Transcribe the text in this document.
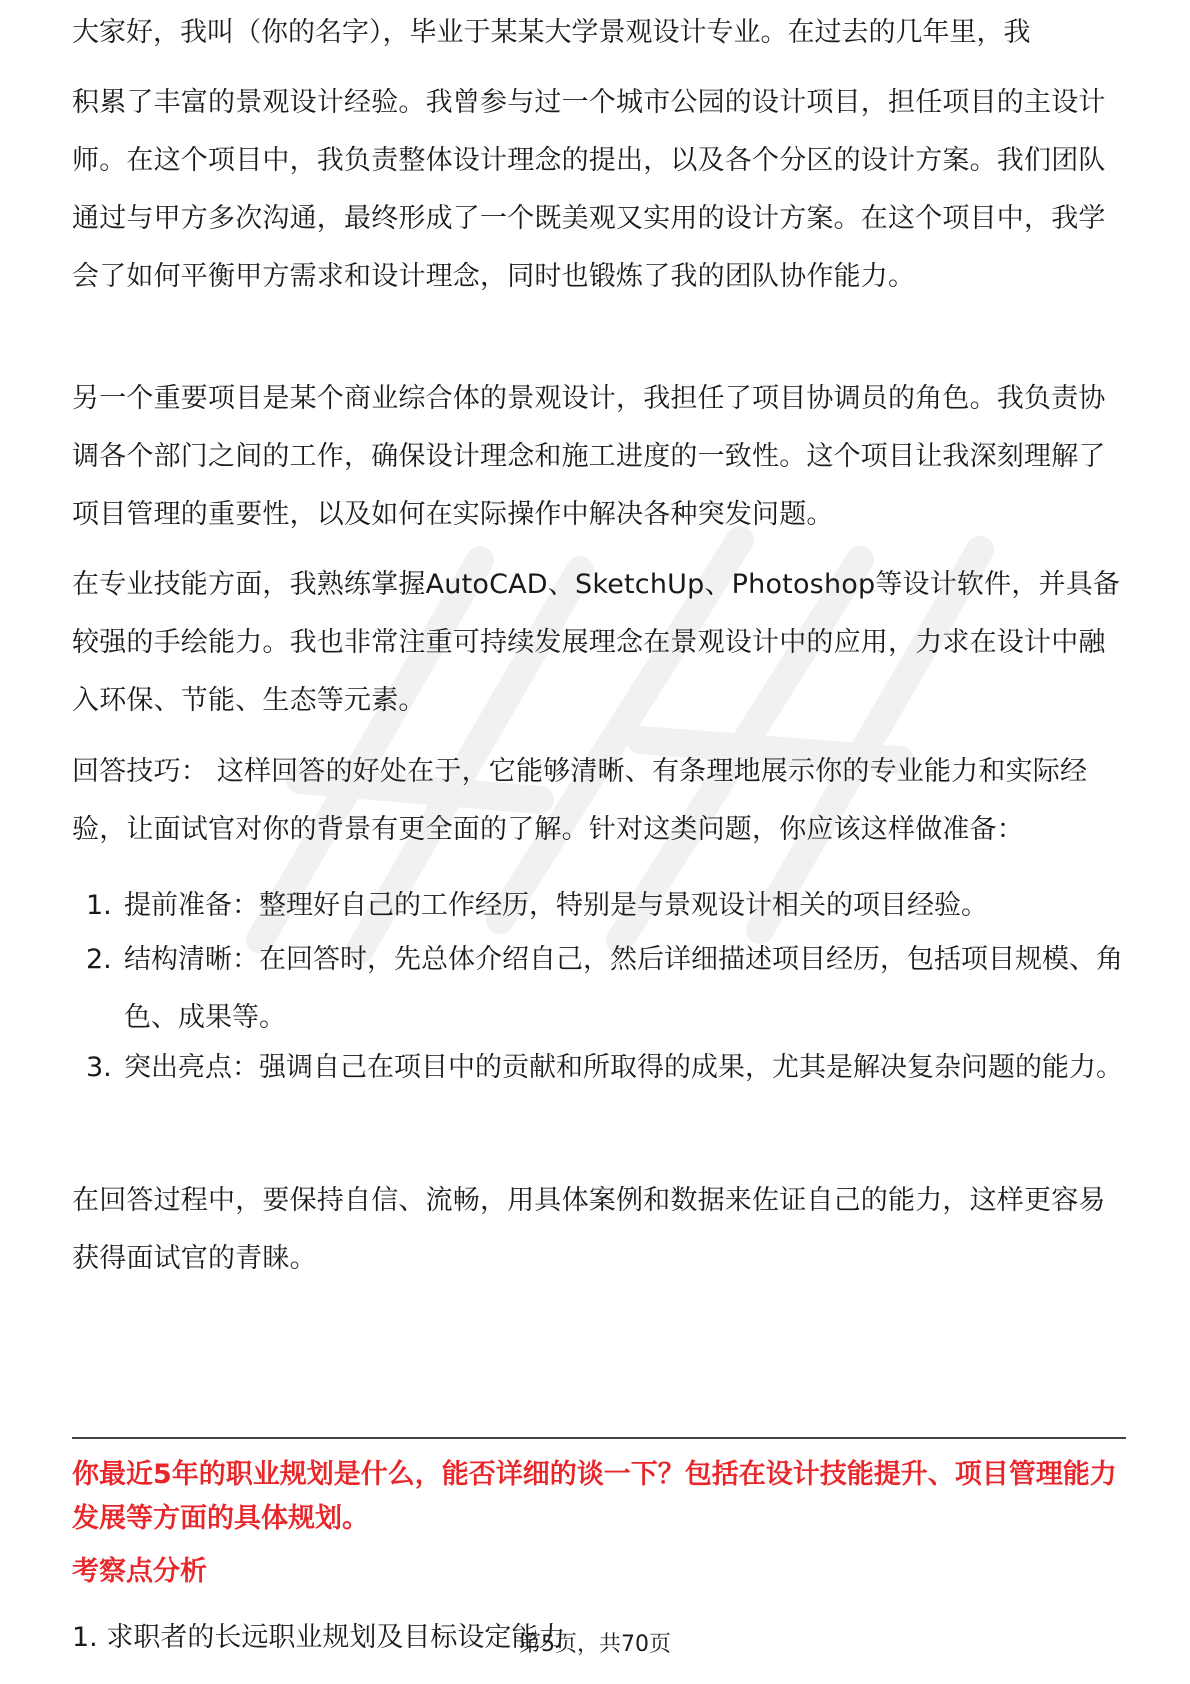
大家好，我叫（你的名字），毕业于某某大学景观设计专业。在过去的几年里，我

积累了丰富的景观设计经验。我曾参与过一个城市公园的设计项目，担任项目的主设计师。在这个项目中，我负责整体设计理念的提出，以及各个分区的设计方案。我们团队通过与甲方多次沟通，最终形成了一个既美观又实用的设计方案。在这个项目中，我学会了如何平衡甲方需求和设计理念，同时也锻炼了我的团队协作能力。

另一个重要项目是某个商业综合体的景观设计，我担任了项目协调员的角色。我负责协调各个部门之间的工作，确保设计理念和施工进度的一致性。这个项目让我深刻理解了项目管理的重要性，以及如何在实际操作中解决各种突发问题。

在专业技能方面，我熟练掌握AutoCAD、SketchUp、Photoshop等设计软件，并具备较强的手绘能力。我也非常注重可持续发展理念在景观设计中的应用，力求在设计中融入环保、节能、生态等元素。

回答技巧： 这样回答的好处在于，它能够清晰、有条理地展示你的专业能力和实际经验，让面试官对你的背景有更全面的了解。针对这类问题，你应该这样做准备：

1. 提前准备：整理好自己的工作经历，特别是与景观设计相关的项目经验。
2. 结构清晰：在回答时，先总体介绍自己，然后详细描述项目经历，包括项目规模、角色、成果等。
3. 突出亮点：强调自己在项目中的贡献和所取得的成果，尤其是解决复杂问题的能力。

在回答过程中，要保持自信、流畅，用具体案例和数据来佐证自己的能力，这样更容易获得面试官的青睐。

你最近5年的职业规划是什么，能否详细的谈一下？包括在设计技能提升、项目管理能力发展等方面的具体规划。
考察点分析
1. 求职者的长远职业规划及目标设定能力
第5页，共70页
